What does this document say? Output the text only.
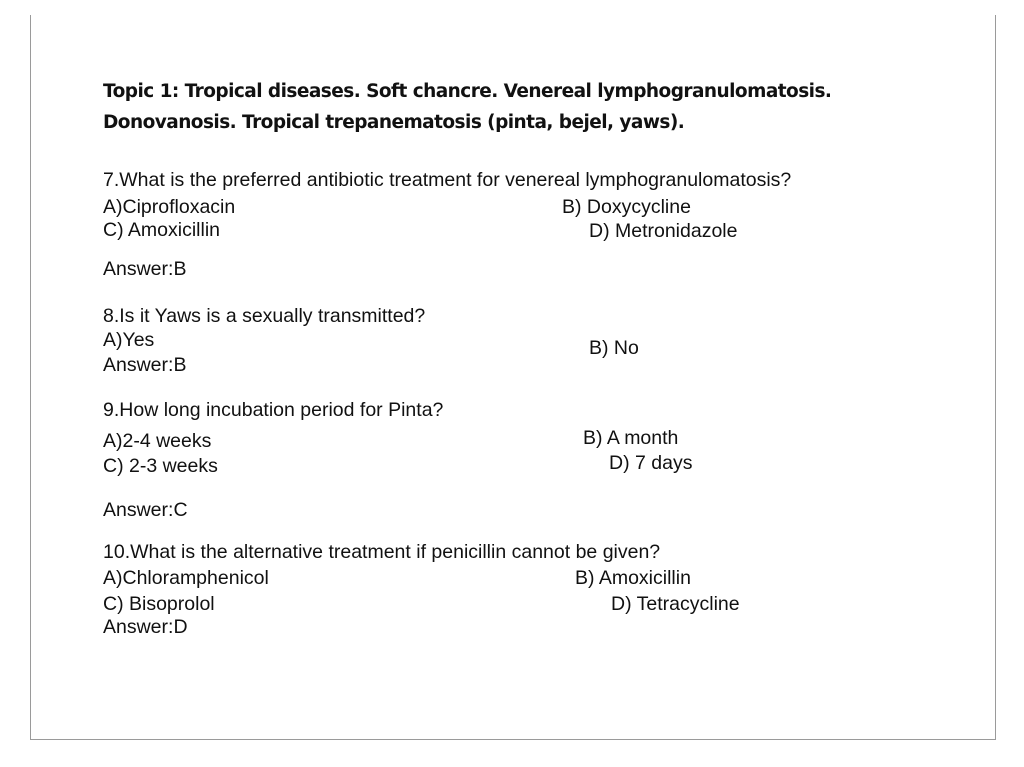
Topic 1: Tropical diseases. Soft chancre. Venereal lymphogranulomatosis.
Donovanosis. Tropical trepanematosis (pinta, bejel, yaws).
7.What is the preferred antibiotic treatment for venereal lymphogranulomatosis?
A)Ciprofloxacin	B) Doxycycline
C) Amoxicillin	D) Metronidazole
Answer:B
8.Is it Yaws is a sexually transmitted?
A)Yes	B) No
Answer:B
9.How long incubation period for Pinta?
A)2-4 weeks	B) A month
C) 2-3 weeks	D) 7 days
Answer:C
10.What is the alternative treatment if penicillin cannot be given?
A)Chloramphenicol	B) Amoxicillin
C) Bisoprolol	D) Tetracycline
Answer:D
